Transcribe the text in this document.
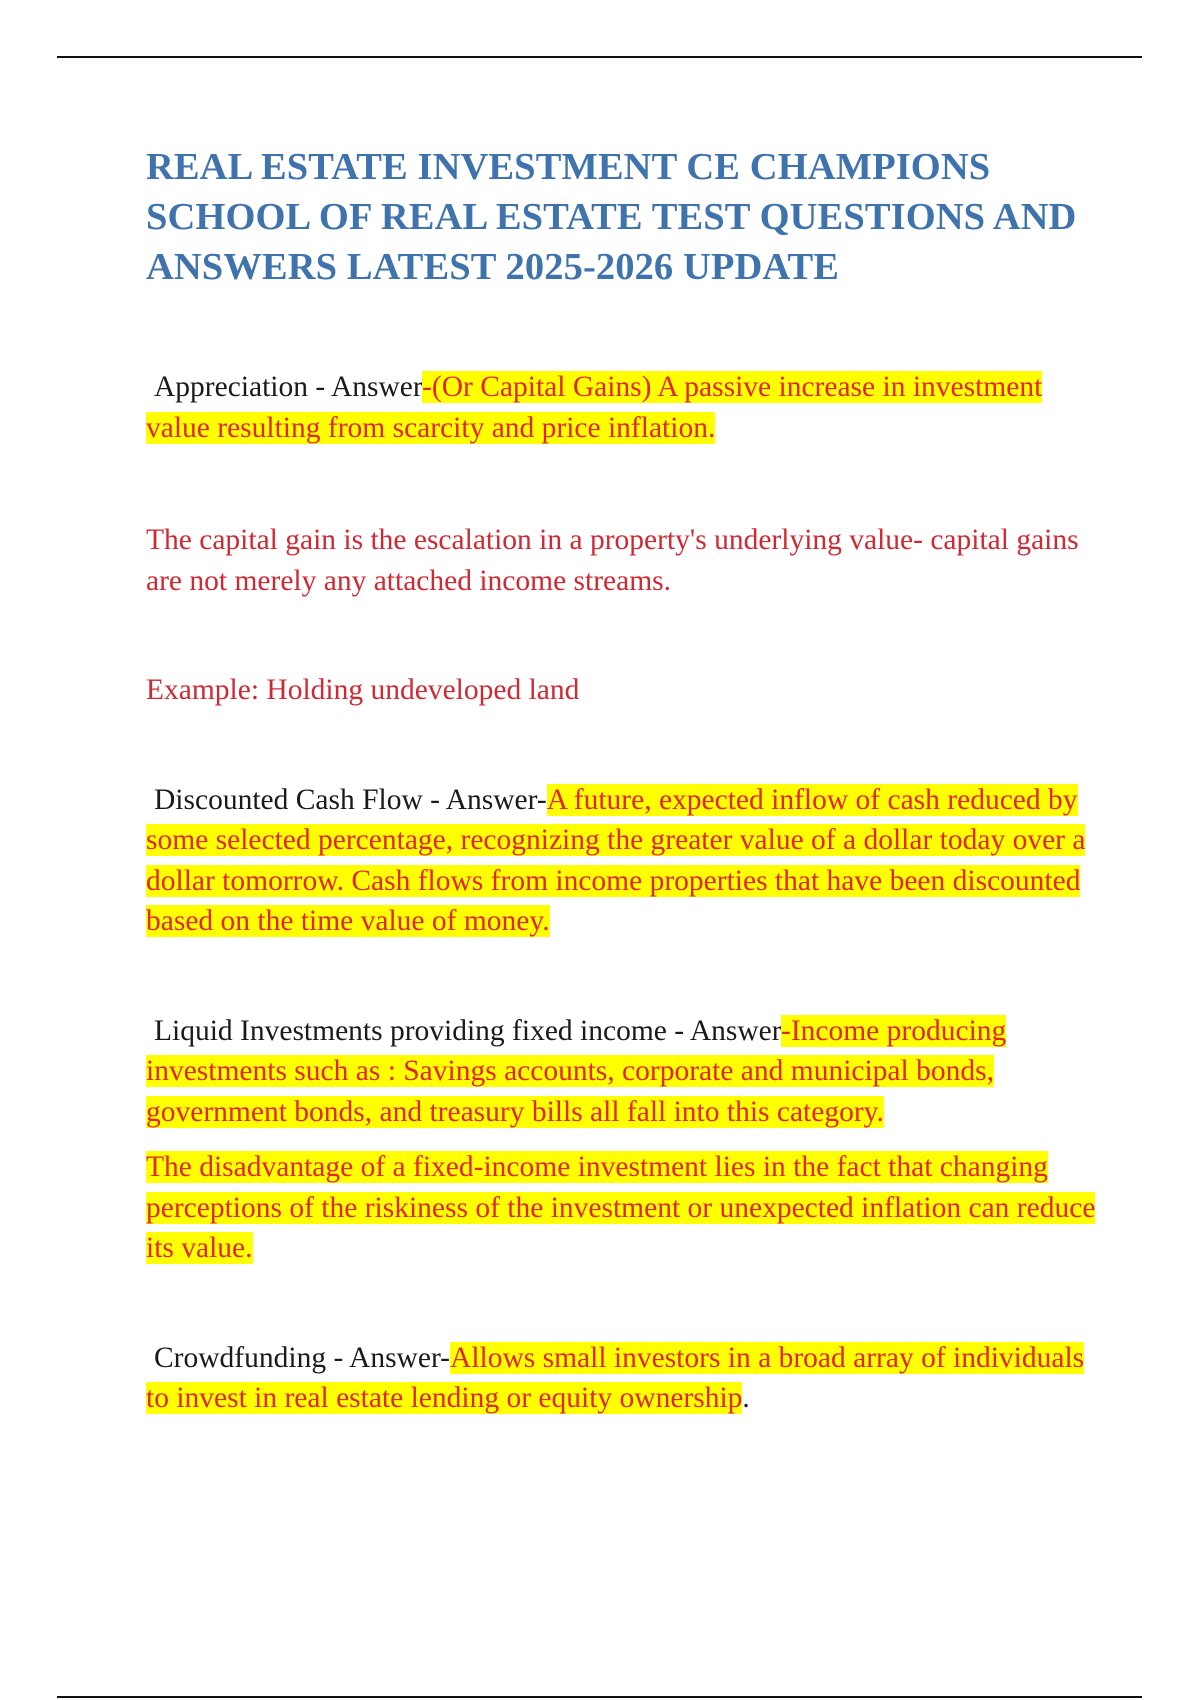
REAL ESTATE INVESTMENT CE CHAMPIONS SCHOOL OF REAL ESTATE TEST QUESTIONS AND ANSWERS LATEST 2025-2026 UPDATE

Appreciation - Answer-(Or Capital Gains) A passive increase in investment value resulting from scarcity and price inflation.

The capital gain is the escalation in a property's underlying value- capital gains are not merely any attached income streams.

Example: Holding undeveloped land

Discounted Cash Flow - Answer-A future, expected inflow of cash reduced by some selected percentage, recognizing the greater value of a dollar today over a dollar tomorrow. Cash flows from income properties that have been discounted based on the time value of money.

Liquid Investments providing fixed income - Answer-Income producing investments such as : Savings accounts, corporate and municipal bonds, government bonds, and treasury bills all fall into this category.

The disadvantage of a fixed-income investment lies in the fact that changing perceptions of the riskiness of the investment or unexpected inflation can reduce its value.

Crowdfunding - Answer-Allows small investors in a broad array of individuals to invest in real estate lending or equity ownership.
